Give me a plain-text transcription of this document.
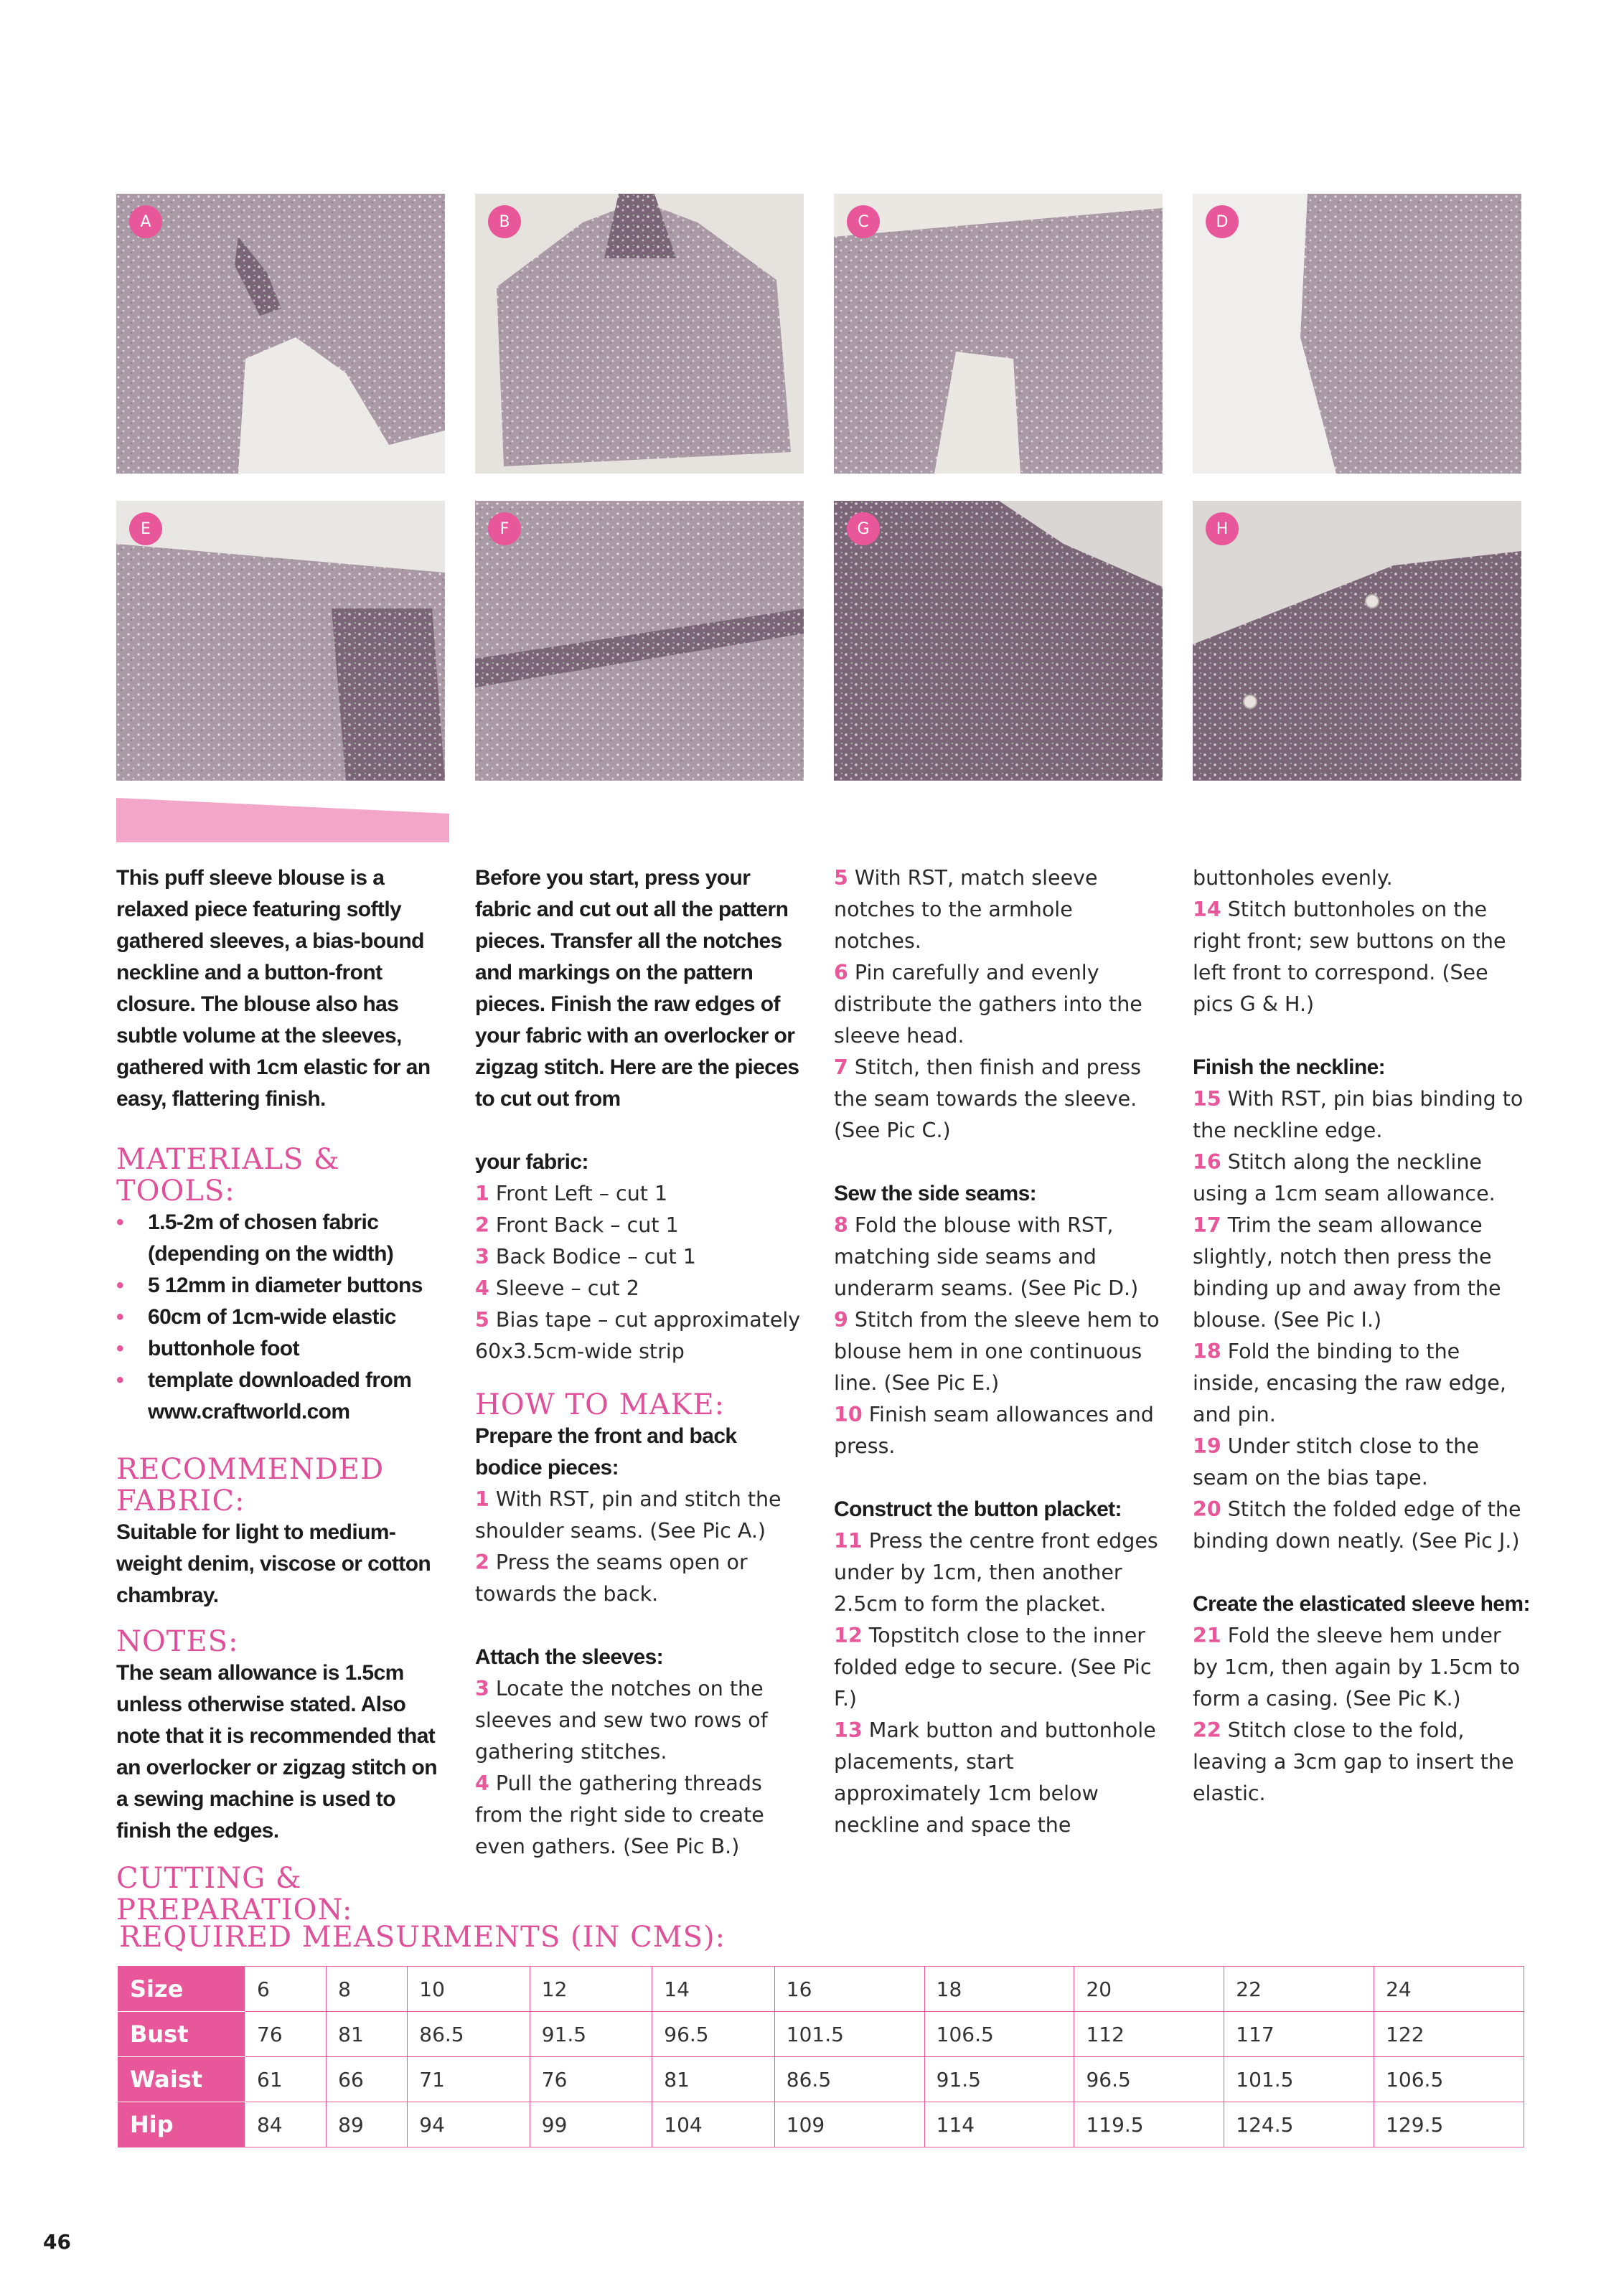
A	B	C	D
E	F	G	H
This puff sleeve blouse is a relaxed piece featuring softly gathered sleeves, a bias-bound neckline and a button-front closure. The blouse also has subtle volume at the sleeves, gathered with 1cm elastic for an easy, flattering finish.
MATERIALS & TOOLS:
• 1.5-2m of chosen fabric (depending on the width)
• 5 12mm in diameter buttons
• 60cm of 1cm-wide elastic
• buttonhole foot
• template downloaded from
www.craftworld.com
RECOMMENDED FABRIC:
Suitable for light to medium-weight denim, viscose or cotton chambray.
NOTES:
The seam allowance is 1.5cm unless otherwise stated. Also note that it is recommended that an overlocker or zigzag stitch on a sewing machine is used to finish the edges.
CUTTING & PREPARATION:
Before you start, press your fabric and cut out all the pattern pieces. Transfer all the notches and markings on the pattern pieces. Finish the raw edges of your fabric with an overlocker or zigzag stitch. Here are the pieces to cut out from
your fabric:
1 Front Left – cut 1
2 Front Back – cut 1
3 Back Bodice – cut 1
4 Sleeve – cut 2
5 Bias tape – cut approximately 60x3.5cm-wide strip
HOW TO MAKE:
Prepare the front and back bodice pieces:
1 With RST, pin and stitch the shoulder seams. (See Pic A.)
2 Press the seams open or towards the back.
Attach the sleeves:
3 Locate the notches on the sleeves and sew two rows of gathering stitches.
4 Pull the gathering threads from the right side to create even gathers. (See Pic B.)
5 With RST, match sleeve notches to the armhole notches.
6 Pin carefully and evenly distribute the gathers into the sleeve head.
7 Stitch, then finish and press the seam towards the sleeve. (See Pic C.)
Sew the side seams:
8 Fold the blouse with RST, matching side seams and underarm seams. (See Pic D.)
9 Stitch from the sleeve hem to blouse hem in one continuous line. (See Pic E.)
10 Finish seam allowances and press.
Construct the button placket:
11 Press the centre front edges under by 1cm, then another 2.5cm to form the placket.
12 Topstitch close to the inner folded edge to secure. (See Pic F.)
13 Mark button and buttonhole placements, start approximately 1cm below neckline and space the
buttonholes evenly.
14 Stitch buttonholes on the right front; sew buttons on the left front to correspond. (See pics G & H.)
Finish the neckline:
15 With RST, pin bias binding to the neckline edge.
16 Stitch along the neckline using a 1cm seam allowance.
17 Trim the seam allowance slightly, notch then press the binding up and away from the blouse. (See Pic I.)
18 Fold the binding to the inside, encasing the raw edge, and pin.
19 Under stitch close to the seam on the bias tape.
20 Stitch the folded edge of the binding down neatly. (See Pic J.)
Create the elasticated sleeve hem:
21 Fold the sleeve hem under by 1cm, then again by 1.5cm to form a casing. (See Pic K.)
22 Stitch close to the fold, leaving a 3cm gap to insert the elastic.
REQUIRED MEASURMENTS (IN CMS):
Size	6	8	10	12	14	16	18	20	22	24
Bust	76	81	86.5	91.5	96.5	101.5	106.5	112	117	122
Waist	61	66	71	76	81	86.5	91.5	96.5	101.5	106.5
Hip	84	89	94	99	104	109	114	119.5	124.5	129.5
46
